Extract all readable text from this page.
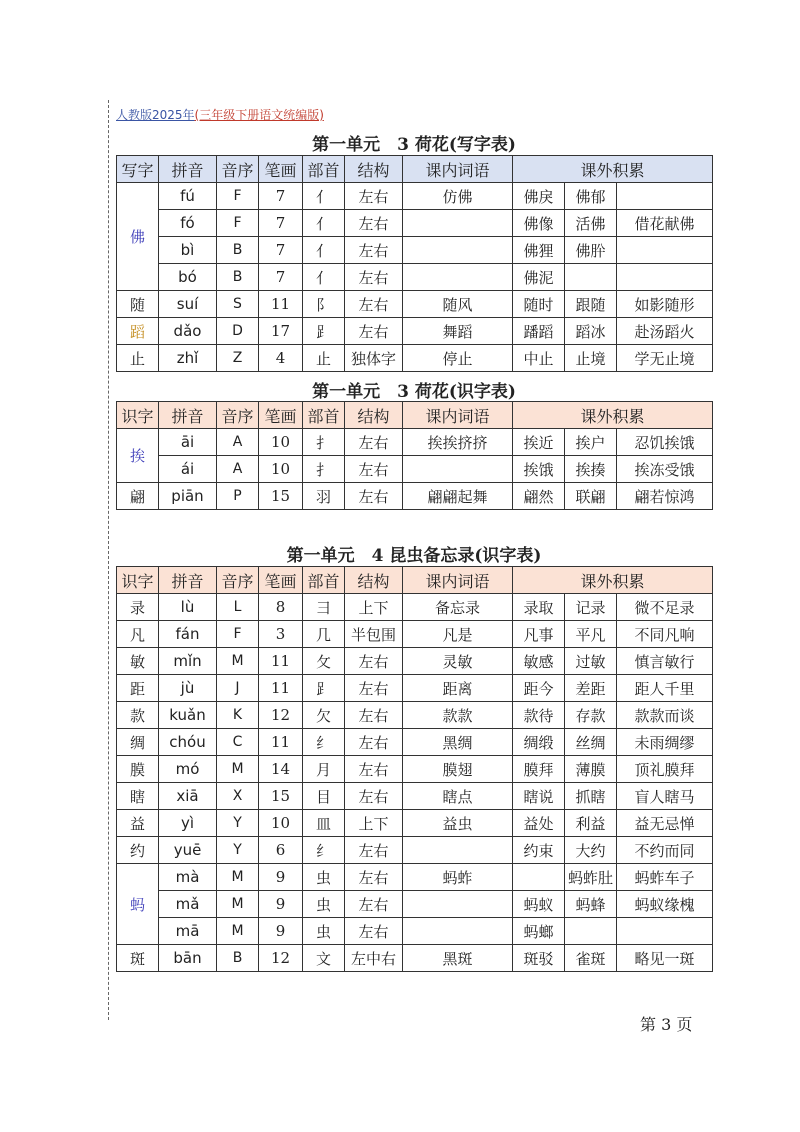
人教版2025年(三年级下册语文统编版)
第一单元　3 荷花(写字表)
写字	拼音	音序	笔画	部首	结构	课内词语	课外积累		
佛	fú	F	7	亻	左右	仿佛	佛戾	佛郁	
	fó	F	7	亻	左右		佛像	活佛	借花献佛
	bì	B	7	亻	左右		佛狸	佛肸	
	bó	B	7	亻	左右		佛泥		
随	suí	S	11	阝	左右	随风	随时	跟随	如影随形
蹈	dǎo	D	17	⻊	左右	舞蹈	蹯蹈	蹈冰	赴汤蹈火
止	zhǐ	Z	4	止	独体字	停止	中止	止境	学无止境
第一单元　3 荷花(识字表)
识字	拼音	音序	笔画	部首	结构	课内词语	课外积累		
挨	āi	A	10	扌	左右	挨挨挤挤	挨近	挨户	忍饥挨饿
	ái	A	10	扌	左右		挨饿	挨揍	挨冻受饿
翩	piān	P	15	羽	左右	翩翩起舞	翩然	联翩	翩若惊鸿
第一单元　4 昆虫备忘录(识字表)
识字	拼音	音序	笔画	部首	结构	课内词语	课外积累		
录	lù	L	8	彐	上下	备忘录	录取	记录	微不足录
凡	fán	F	3	几	半包围	凡是	凡事	平凡	不同凡响
敏	mǐn	M	11	攵	左右	灵敏	敏感	过敏	慎言敏行
距	jù	J	11	⻊	左右	距离	距今	差距	距人千里
款	kuǎn	K	12	欠	左右	款款	款待	存款	款款而谈
绸	chóu	C	11	纟	左右	黑绸	绸缎	丝绸	未雨绸缪
膜	mó	M	14	月	左右	膜翅	膜拜	薄膜	顶礼膜拜
瞎	xiā	X	15	目	左右	瞎点	瞎说	抓瞎	盲人瞎马
益	yì	Y	10	皿	上下	益虫	益处	利益	益无忌惮
约	yuē	Y	6	纟	左右		约束	大约	不约而同
蚂	mà	M	9	虫	左右	蚂蚱		蚂蚱肚	蚂蚱车子
	mǎ	M	9	虫	左右		蚂蚁	蚂蜂	蚂蚁缘槐
	mā	M	9	虫	左右		蚂螂		
斑	bān	B	12	文	左中右	黑斑	斑驳	雀斑	略见一斑
第 3 页
